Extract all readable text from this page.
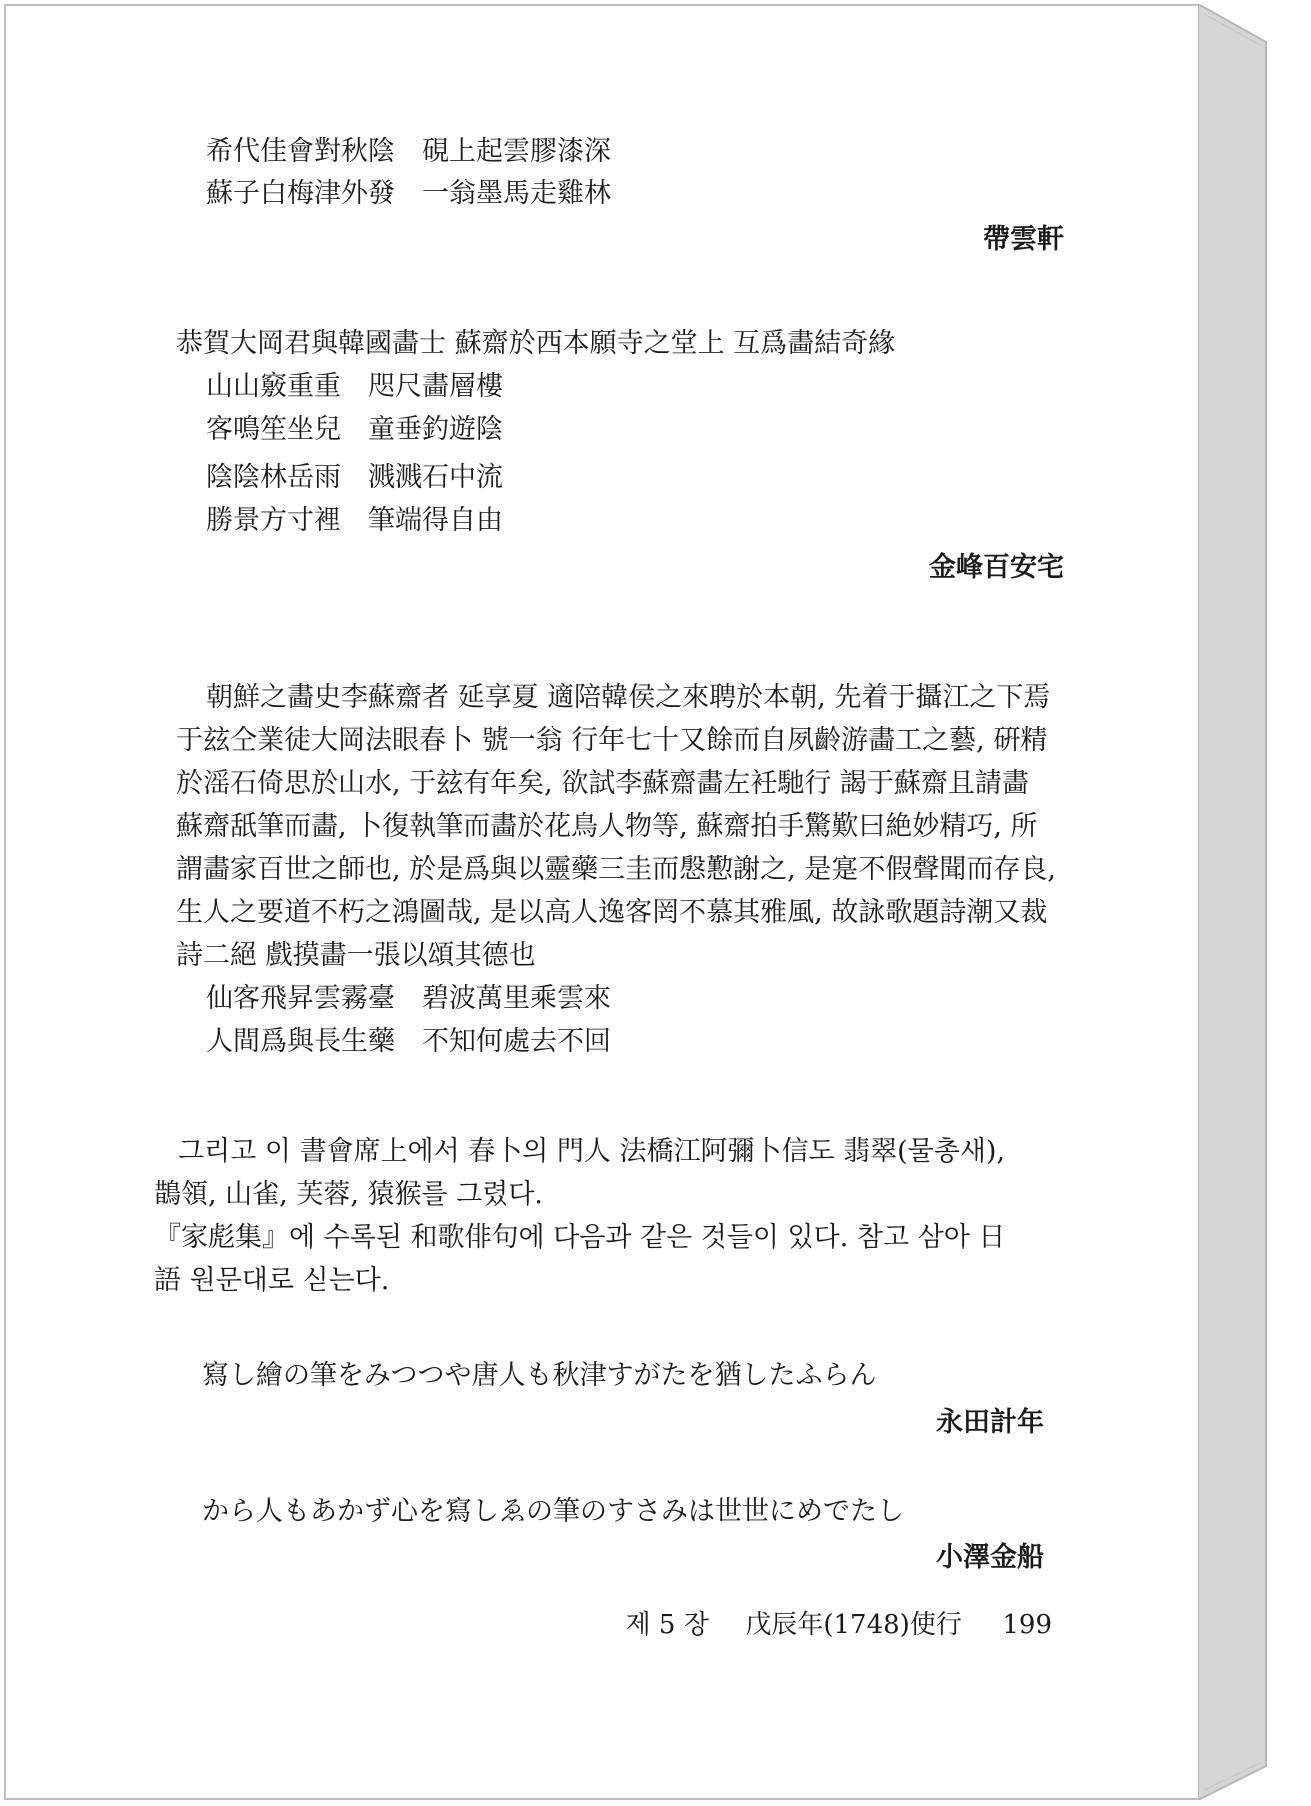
希代佳會對秋陰　硯上起雲膠漆深
蘇子白梅津外發　一翁墨馬走雞林
帶雲軒
恭賀大岡君與韓國畵士 蘇齋於西本願寺之堂上 互爲畵結奇緣
山山竅重重　咫尺畵層樓
客鳴笙坐兒　童垂釣遊陰
陰陰林岳雨　溅溅石中流
勝景方寸裡　筆端得自由
金峰百安宅
朝鮮之畵史李蘇齋者 延享夏 適陪韓侯之來聘於本朝, 先着于攝江之下焉
于玆仝業徒大岡法眼春卜 號一翁 行年七十又餘而自夙齡游畵工之藝, 硏精
於滛石倚思於山水, 于玆有年矣, 欲試李蘇齋畵左衽馳行 謁于蘇齋且請畵
蘇齋舐筆而畵, 卜復執筆而畵於花鳥人物等, 蘇齋拍手驚歎曰絶妙精巧, 所
謂畵家百世之師也, 於是爲與以靈藥三圭而慇懃謝之, 是寔不假聲聞而存良,
生人之要道不朽之鴻圖哉, 是以高人逸客罔不慕其雅風, 故詠歌題詩潮又裁
詩二絕 戲摸畵一張以頌其德也
仙客飛昇雲霧臺　碧波萬里乘雲來
人間爲與長生藥　不知何處去不回
그리고 이 書會席上에서 春卜의 門人 法橋江阿彌卜信도 翡翠(물총새),
鵲領, 山雀, 芙蓉, 猿猴를 그렸다.
『家彪集』에 수록된 和歌俳句에 다음과 같은 것들이 있다. 참고 삼아 日
語 원문대로 싣는다.
寫し繪の筆をみつつや唐人も秋津すがたを猶したふらん
永田計年
から人もあかず心を寫しゑの筆のすさみは世世にめでたし
小澤金船
제 5 장 戊辰年(1748)使行 199
